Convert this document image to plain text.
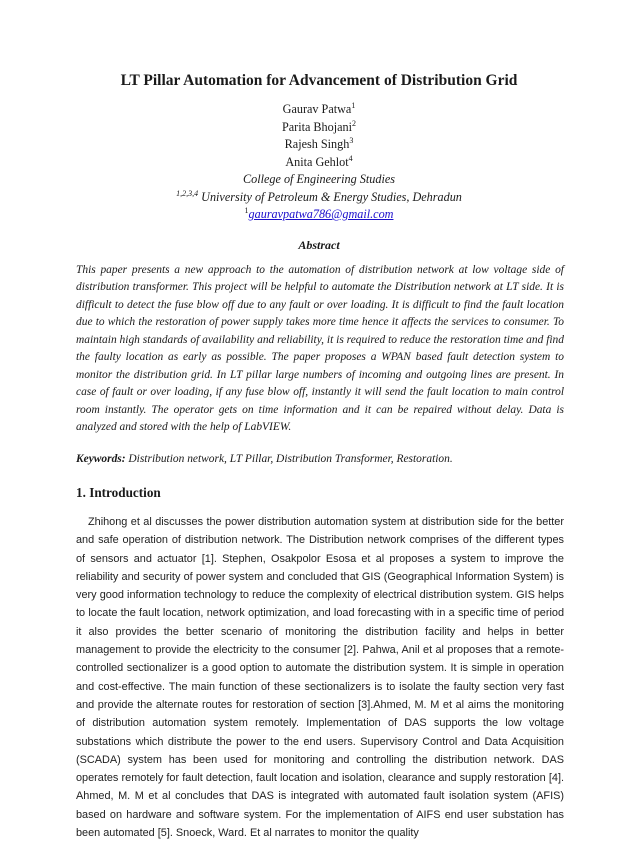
LT Pillar Automation for Advancement of Distribution Grid
Gaurav Patwa$^1$
Parita Bhojani$^2$
Rajesh Singh$^3$
Anita Gehlot$^4$
College of Engineering Studies
$^{1,2,3,4}$ University of Petroleum & Energy Studies, Dehradun
$^1$gauravpatwa786@gmail.com
Abstract

This paper presents a new approach to the automation of distribution network at low voltage side of distribution transformer. This project will be helpful to automate the Distribution network at LT side. It is difficult to detect the fuse blow off due to any fault or over loading. It is difficult to find the fault location due to which the restoration of power supply takes more time hence it affects the services to consumer. To maintain high standards of availability and reliability, it is required to reduce the restoration time and find the faulty location as early as possible. The paper proposes a WPAN based fault detection system to monitor the distribution grid. In LT pillar large numbers of incoming and outgoing lines are present. In case of fault or over loading, if any fuse blow off, instantly it will send the fault location to main control room instantly. The operator gets on time information and it can be repaired without delay. Data is analyzed and stored with the help of LabVIEW.

Keywords: Distribution network, LT Pillar, Distribution Transformer, Restoration.

1. Introduction

Zhihong et al discusses the power distribution automation system at distribution side for the better and safe operation of distribution network. The Distribution network comprises of the different types of sensors and actuator [1]. Stephen, Osakpolor Esosa et al proposes a system to improve the reliability and security of power system and concluded that GIS (Geographical Information System) is very good information technology to reduce the complexity of electrical distribution system. GIS helps to locate the fault location, network optimization, and load forecasting with in a specific time of period it also provides the better scenario of monitoring the distribution facility and helps in better management to provide the electricity to the consumer [2]. Pahwa, Anil et al proposes that a remote-controlled sectionalizer is a good option to automate the distribution system. It is simple in operation and cost-effective. The main function of these sectionalizers is to isolate the faulty section very fast and provide the alternate routes for restoration of section [3].Ahmed, M. M et al aims the monitoring of distribution automation system remotely. Implementation of DAS supports the low voltage substations which distribute the power to the end users. Supervisory Control and Data Acquisition (SCADA) system has been used for monitoring and controlling the distribution network. DAS operates remotely for fault detection, fault location and isolation, clearance and supply restoration [4]. Ahmed, M. M et al concludes that DAS is integrated with automated fault isolation system (AFIS) based on hardware and software system. For the implementation of AIFS end user substation has been automated [5]. Snoeck, Ward. Et al narrates to monitor the quality
